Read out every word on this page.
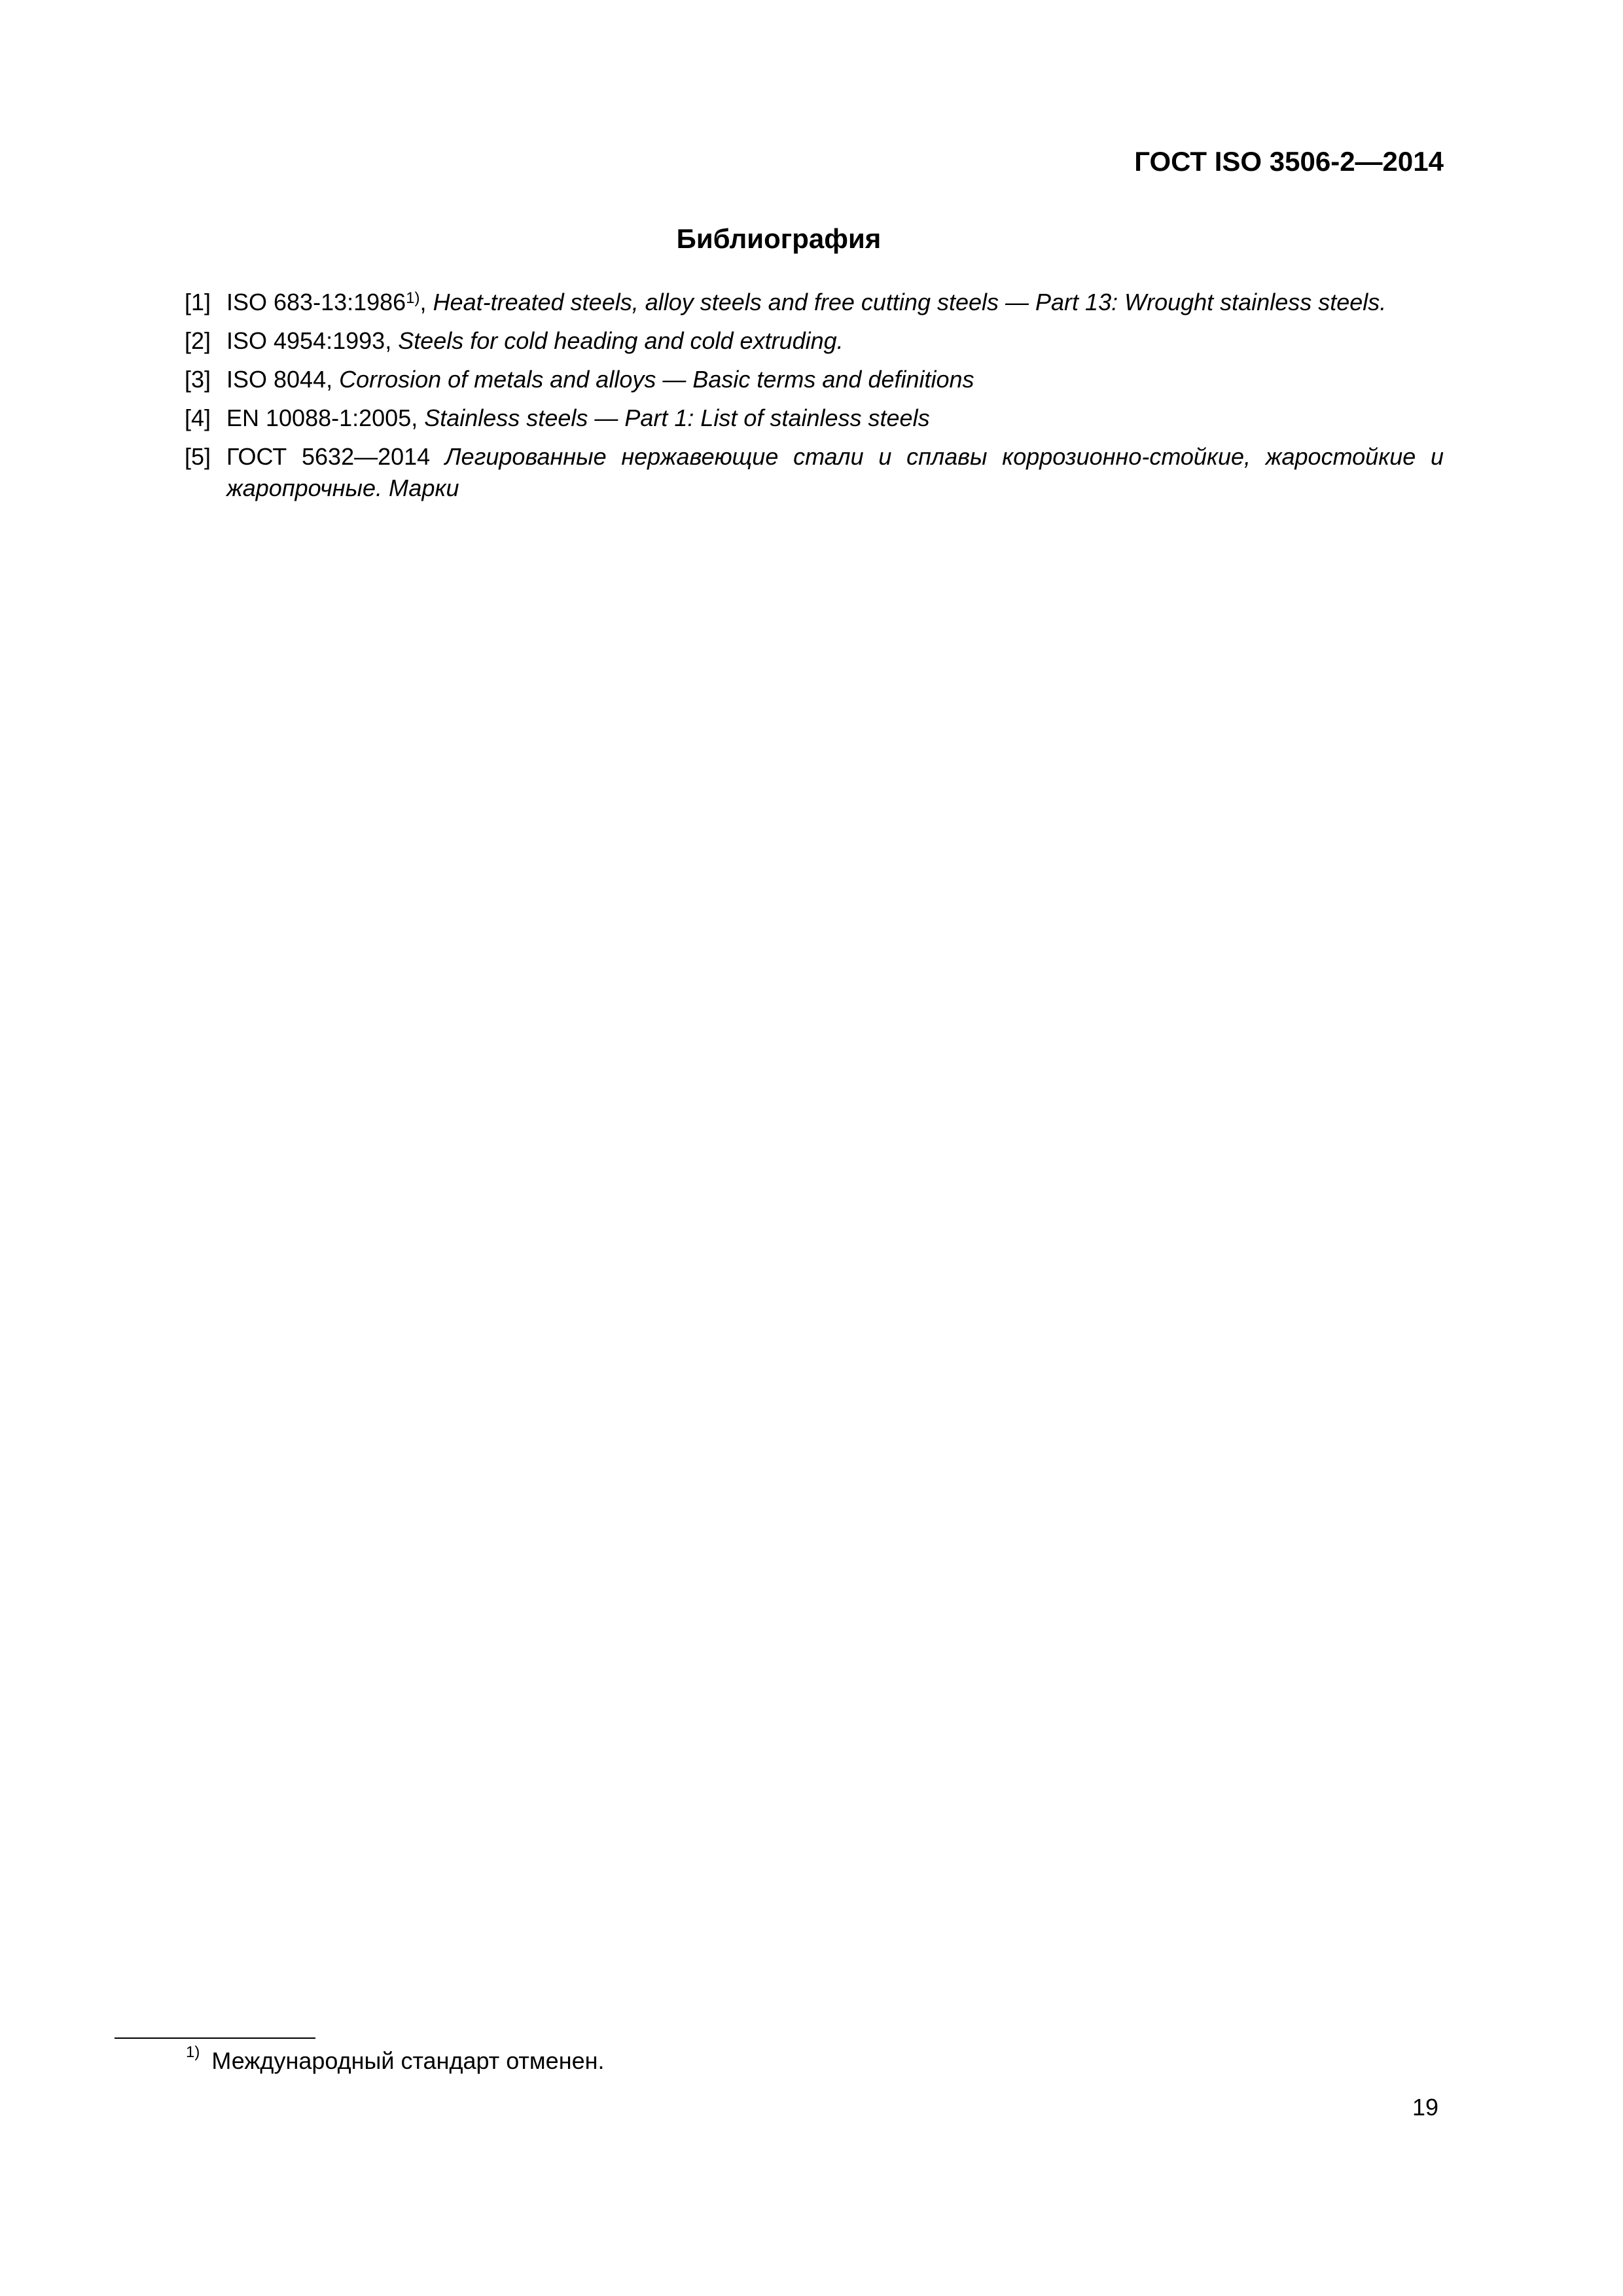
ГОСТ ISO 3506-2—2014
Библиография
[1] ISO 683-13:1986$^{1)}$, Heat-treated steels, alloy steels and free cutting steels — Part 13: Wrought stainless steels.
[2] ISO 4954:1993, Steels for cold heading and cold extruding.
[3] ISO 8044, Corrosion of metals and alloys — Basic terms and definitions
[4] EN 10088-1:2005, Stainless steels — Part 1: List of stainless steels
[5] ГОСТ 5632—2014 Легированные нержавеющие стали и сплавы коррозионно-стойкие, жаростойкие и жаропрочные. Марки
$^{1)}$ Международный стандарт отменен.
19
